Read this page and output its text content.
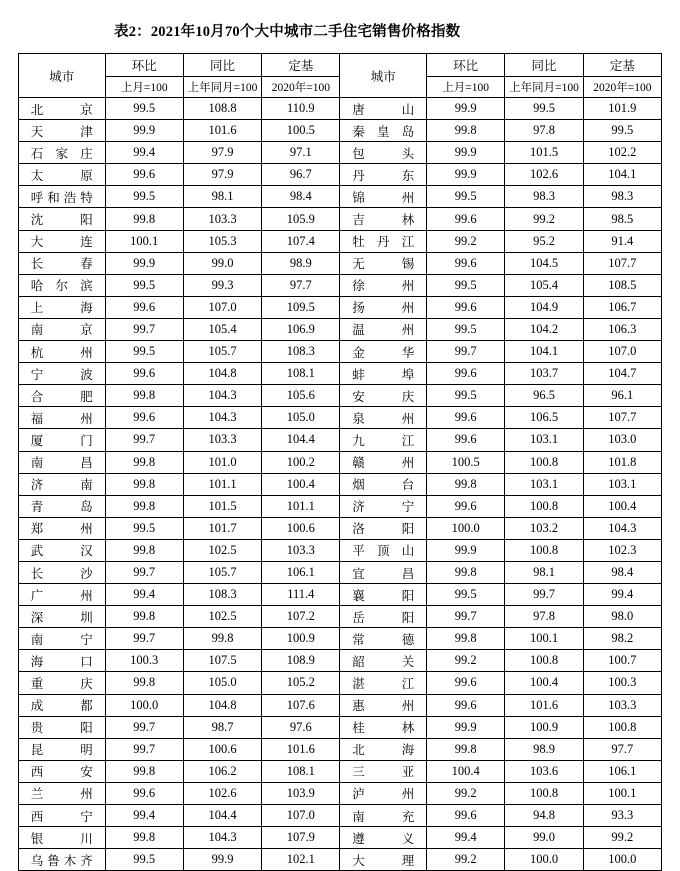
表2：2021年10月70个大中城市二手住宅销售价格指数
城市	环比	同比	定基	城市	环比	同比	定基
	上月=100	上年同月=100	2020年=100		上月=100	上年同月=100	2020年=100
北京	99.5	108.8	110.9	唐山	99.9	99.5	101.9
天津	99.9	101.6	100.5	秦皇岛	99.8	97.8	99.5
石家庄	99.4	97.9	97.1	包头	99.9	101.5	102.2
太原	99.6	97.9	96.7	丹东	99.9	102.6	104.1
呼和浩特	99.5	98.1	98.4	锦州	99.5	98.3	98.3
沈阳	99.8	103.3	105.9	吉林	99.6	99.2	98.5
大连	100.1	105.3	107.4	牡丹江	99.2	95.2	91.4
长春	99.9	99.0	98.9	无锡	99.6	104.5	107.7
哈尔滨	99.5	99.3	97.7	徐州	99.5	105.4	108.5
上海	99.6	107.0	109.5	扬州	99.6	104.9	106.7
南京	99.7	105.4	106.9	温州	99.5	104.2	106.3
杭州	99.5	105.7	108.3	金华	99.7	104.1	107.0
宁波	99.6	104.8	108.1	蚌埠	99.6	103.7	104.7
合肥	99.8	104.3	105.6	安庆	99.5	96.5	96.1
福州	99.6	104.3	105.0	泉州	99.6	106.5	107.7
厦门	99.7	103.3	104.4	九江	99.6	103.1	103.0
南昌	99.8	101.0	100.2	赣州	100.5	100.8	101.8
济南	99.8	101.1	100.4	烟台	99.8	103.1	103.1
青岛	99.8	101.5	101.1	济宁	99.6	100.8	100.4
郑州	99.5	101.7	100.6	洛阳	100.0	103.2	104.3
武汉	99.8	102.5	103.3	平顶山	99.9	100.8	102.3
长沙	99.7	105.7	106.1	宜昌	99.8	98.1	98.4
广州	99.4	108.3	111.4	襄阳	99.5	99.7	99.4
深圳	99.8	102.5	107.2	岳阳	99.7	97.8	98.0
南宁	99.7	99.8	100.9	常德	99.8	100.1	98.2
海口	100.3	107.5	108.9	韶关	99.2	100.8	100.7
重庆	99.8	105.0	105.2	湛江	99.6	100.4	100.3
成都	100.0	104.8	107.6	惠州	99.6	101.6	103.3
贵阳	99.7	98.7	97.6	桂林	99.9	100.9	100.8
昆明	99.7	100.6	101.6	北海	99.8	98.9	97.7
西安	99.8	106.2	108.1	三亚	100.4	103.6	106.1
兰州	99.6	102.6	103.9	泸州	99.2	100.8	100.1
西宁	99.4	104.4	107.0	南充	99.6	94.8	93.3
银川	99.8	104.3	107.9	遵义	99.4	99.0	99.2
乌鲁木齐	99.5	99.9	102.1	大理	99.2	100.0	100.0
